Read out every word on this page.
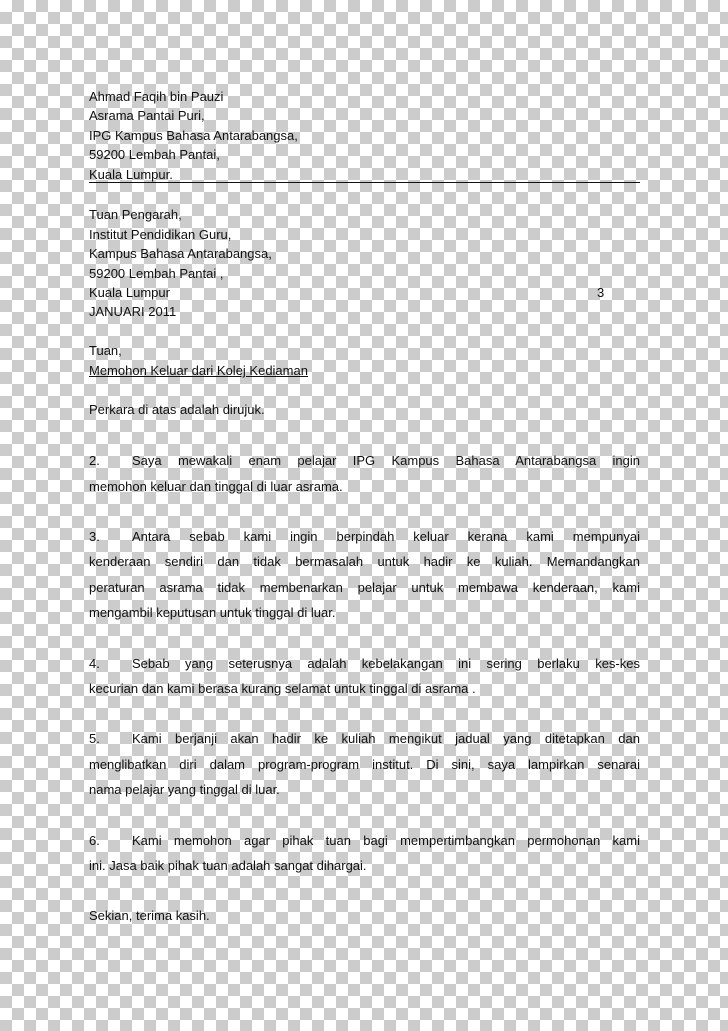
Ahmad Faqih bin Pauzi
Asrama Pantai Puri,
IPG Kampus Bahasa Antarabangsa,
59200 Lembah Pantai,
Kuala Lumpur.
Tuan Pengarah,
Institut Pendidikan Guru,
Kampus Bahasa Antarabangsa,
59200 Lembah Pantai ,
Kuala Lumpur	3
JANUARI 2011
Tuan,
Memohon Keluar dari Kolej Kediaman
Perkara di atas adalah dirujuk.
2. Saya mewakali enam pelajar IPG Kampus Bahasa Antarabangsa ingin
memohon keluar dan tinggal di luar asrama.
3. Antara sebab kami ingin berpindah keluar kerana kami mempunyai
kenderaan sendiri dan tidak bermasalah untuk hadir ke kuliah. Memandangkan
peraturan asrama tidak membenarkan pelajar untuk membawa kenderaan, kami
mengambil keputusan untuk tinggal di luar.
4. Sebab yang seterusnya adalah kebelakangan ini sering berlaku kes-kes
kecurian dan kami berasa kurang selamat untuk tinggal di asrama .
5. Kami berjanji akan hadir ke kuliah mengikut jadual yang ditetapkan dan
menglibatkan diri dalam program-program institut. Di sini, saya lampirkan senarai
nama pelajar yang tinggal di luar.
6. Kami memohon agar pihak tuan bagi mempertimbangkan permohonan kami
ini. Jasa baik pihak tuan adalah sangat dihargai.
Sekian, terima kasih.
